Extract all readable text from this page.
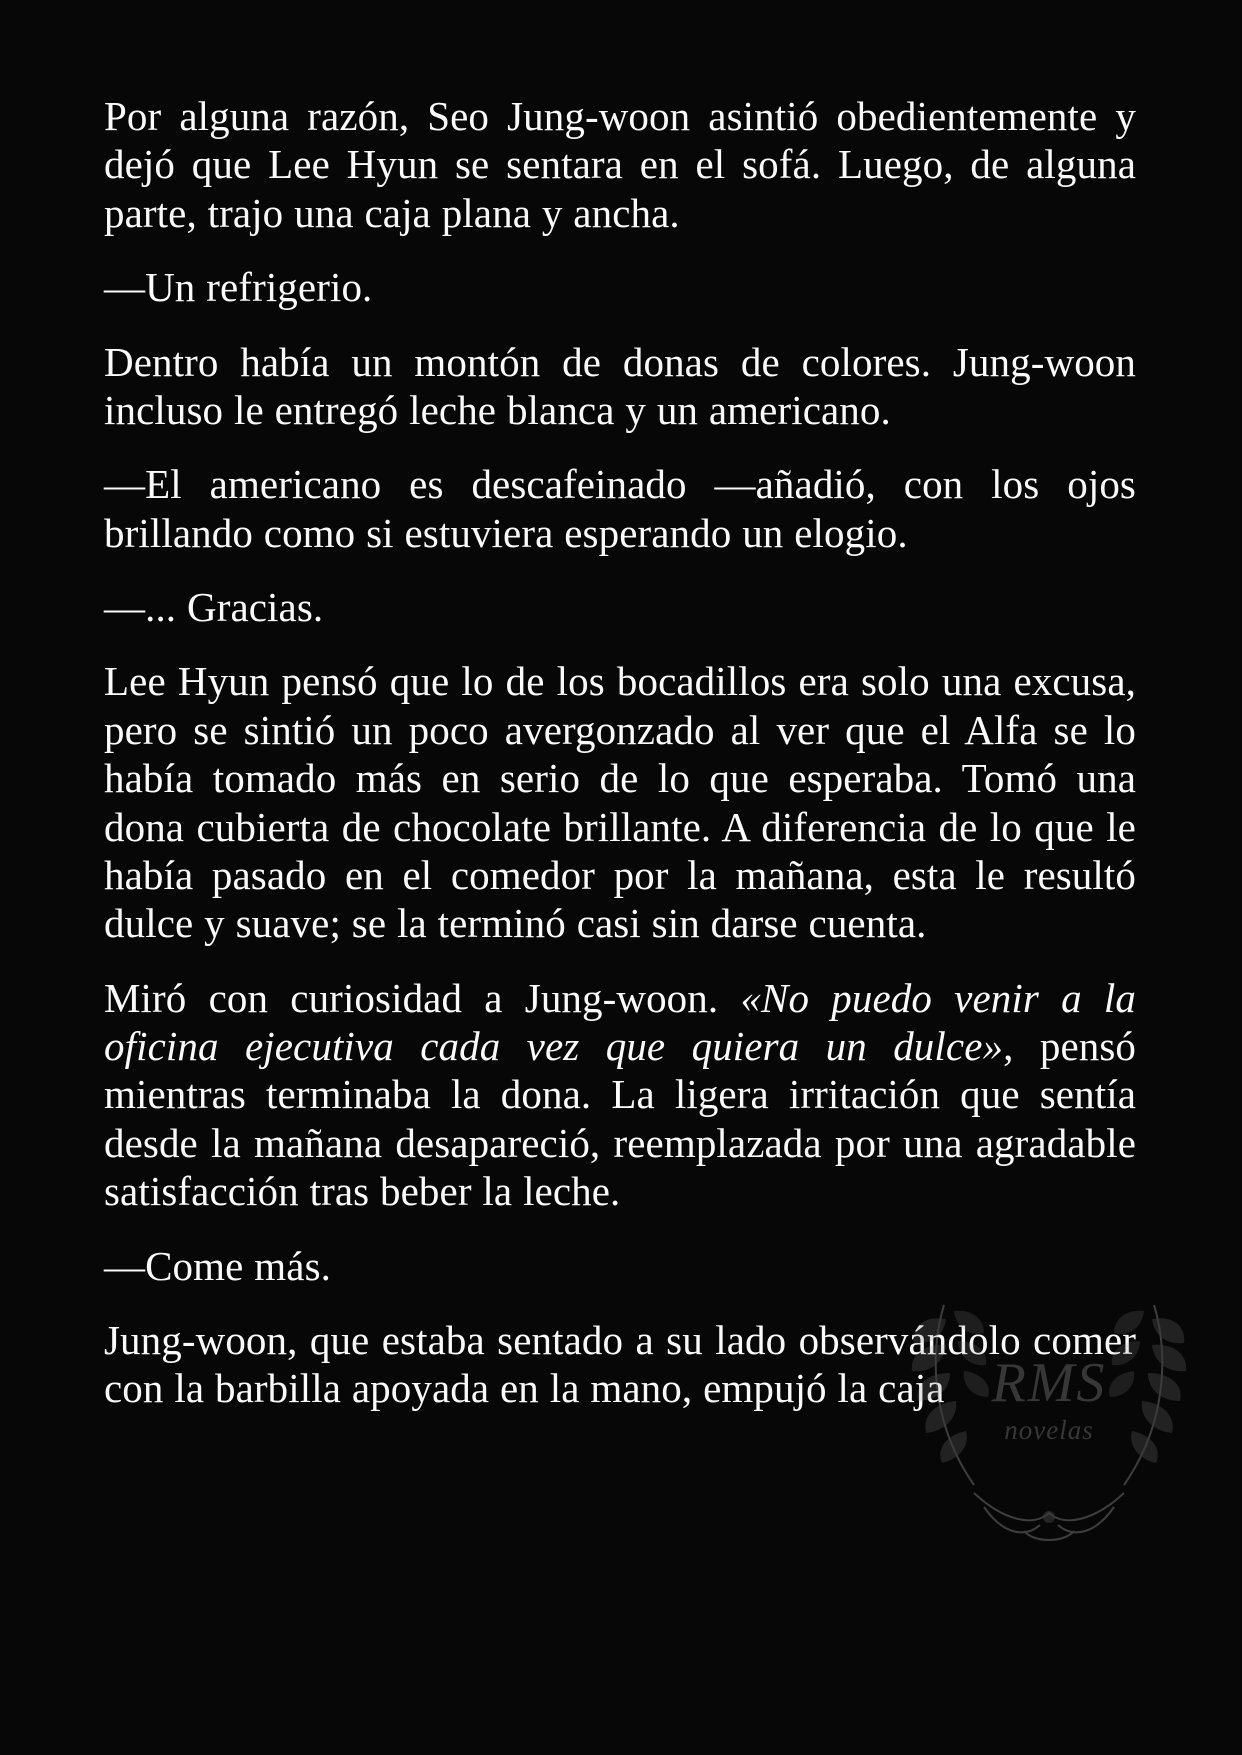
Por alguna razón, Seo Jung-woon asintió obedientemente y dejó que Lee Hyun se sentara en el sofá. Luego, de alguna parte, trajo una caja plana y ancha.

—Un refrigerio.

Dentro había un montón de donas de colores. Jung-woon incluso le entregó leche blanca y un americano.

—El americano es descafeinado —añadió, con los ojos brillando como si estuviera esperando un elogio.

—... Gracias.

Lee Hyun pensó que lo de los bocadillos era solo una excusa, pero se sintió un poco avergonzado al ver que el Alfa se lo había tomado más en serio de lo que esperaba. Tomó una dona cubierta de chocolate brillante. A diferencia de lo que le había pasado en el comedor por la mañana, esta le resultó dulce y suave; se la terminó casi sin darse cuenta.

Miró con curiosidad a Jung-woon. «No puedo venir a la oficina ejecutiva cada vez que quiera un dulce», pensó mientras terminaba la dona. La ligera irritación que sentía desde la mañana desapareció, reemplazada por una agradable satisfacción tras beber la leche.

—Come más.

Jung-woon, que estaba sentado a su lado observándolo comer con la barbilla apoyada en la mano, empujó la caja RMS
novelas
